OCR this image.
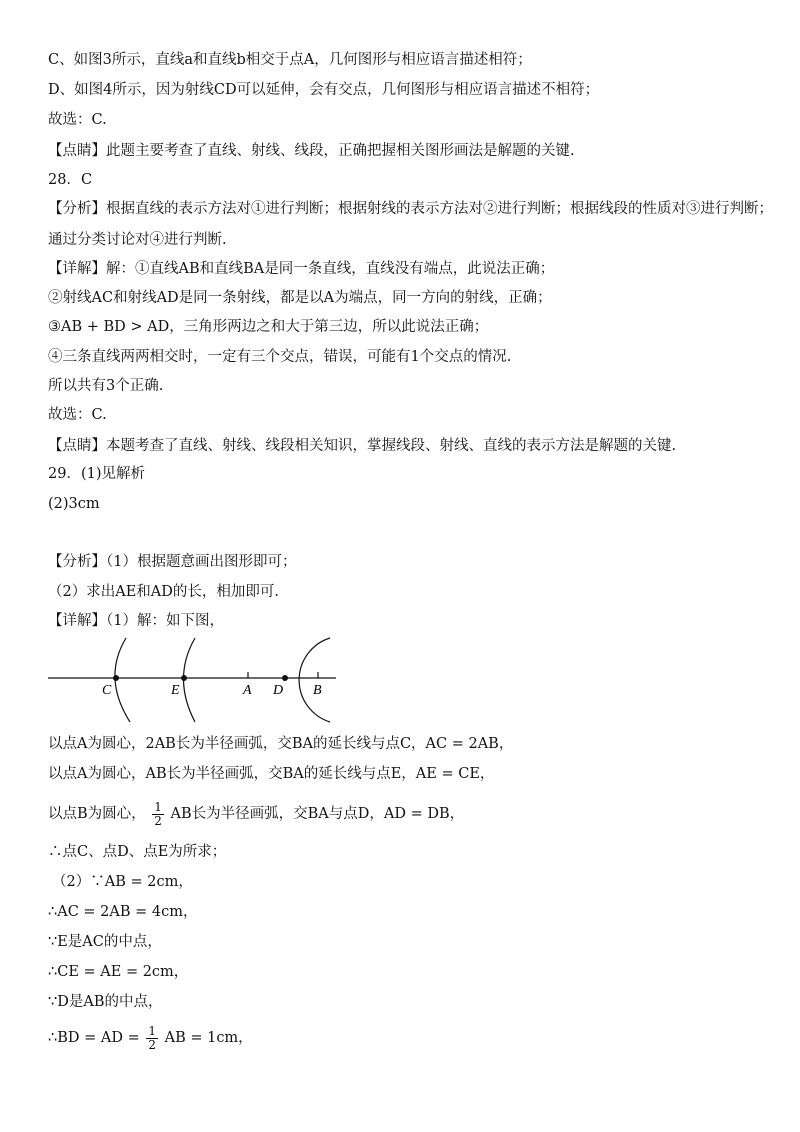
C、如图3所示，直线a和直线b相交于点A，几何图形与相应语言描述相符；
D、如图4所示，因为射线CD可以延伸，会有交点，几何图形与相应语言描述不相符；
故选：C.
【点睛】此题主要考查了直线、射线、线段，正确把握相关图形画法是解题的关键.
28．C
【分析】根据直线的表示方法对①进行判断；根据射线的表示方法对②进行判断；根据线段的性质对③进行判断；
通过分类讨论对④进行判断.
【详解】解：①直线AB和直线BA是同一条直线，直线没有端点，此说法正确；
②射线AC和射线AD是同一条射线，都是以A为端点，同一方向的射线，正确；
③AB + BD > AD，三角形两边之和大于第三边，所以此说法正确；
④三条直线两两相交时，一定有三个交点，错误，可能有1个交点的情况.
所以共有3个正确.
故选：C.
【点睛】本题考查了直线、射线、线段相关知识，掌握线段、射线、直线的表示方法是解题的关键.
29．(1)见解析
(2)3cm
【分析】（1）根据题意画出图形即可；
（2）求出AE和AD的长，相加即可.
【详解】（1）解：如下图，
C	E	A D B
以点A为圆心，2AB长为半径画弧，交BA的延长线与点C，AC = 2AB，
以点A为圆心，AB长为半径画弧，交BA的延长线与点E，AE = CE，
以点B为圆心， $\frac{1}{2}$ AB长为半径画弧，交BA与点D，AD = DB，
∴点C、点D、点E为所求；
（2）∵AB = 2cm，
∴AC = 2AB = 4cm，
∵E是AC的中点，
∴CE = AE = 2cm，
∵D是AB的中点，
∴BD = AD = $\frac{1}{2}$ AB = 1cm，
